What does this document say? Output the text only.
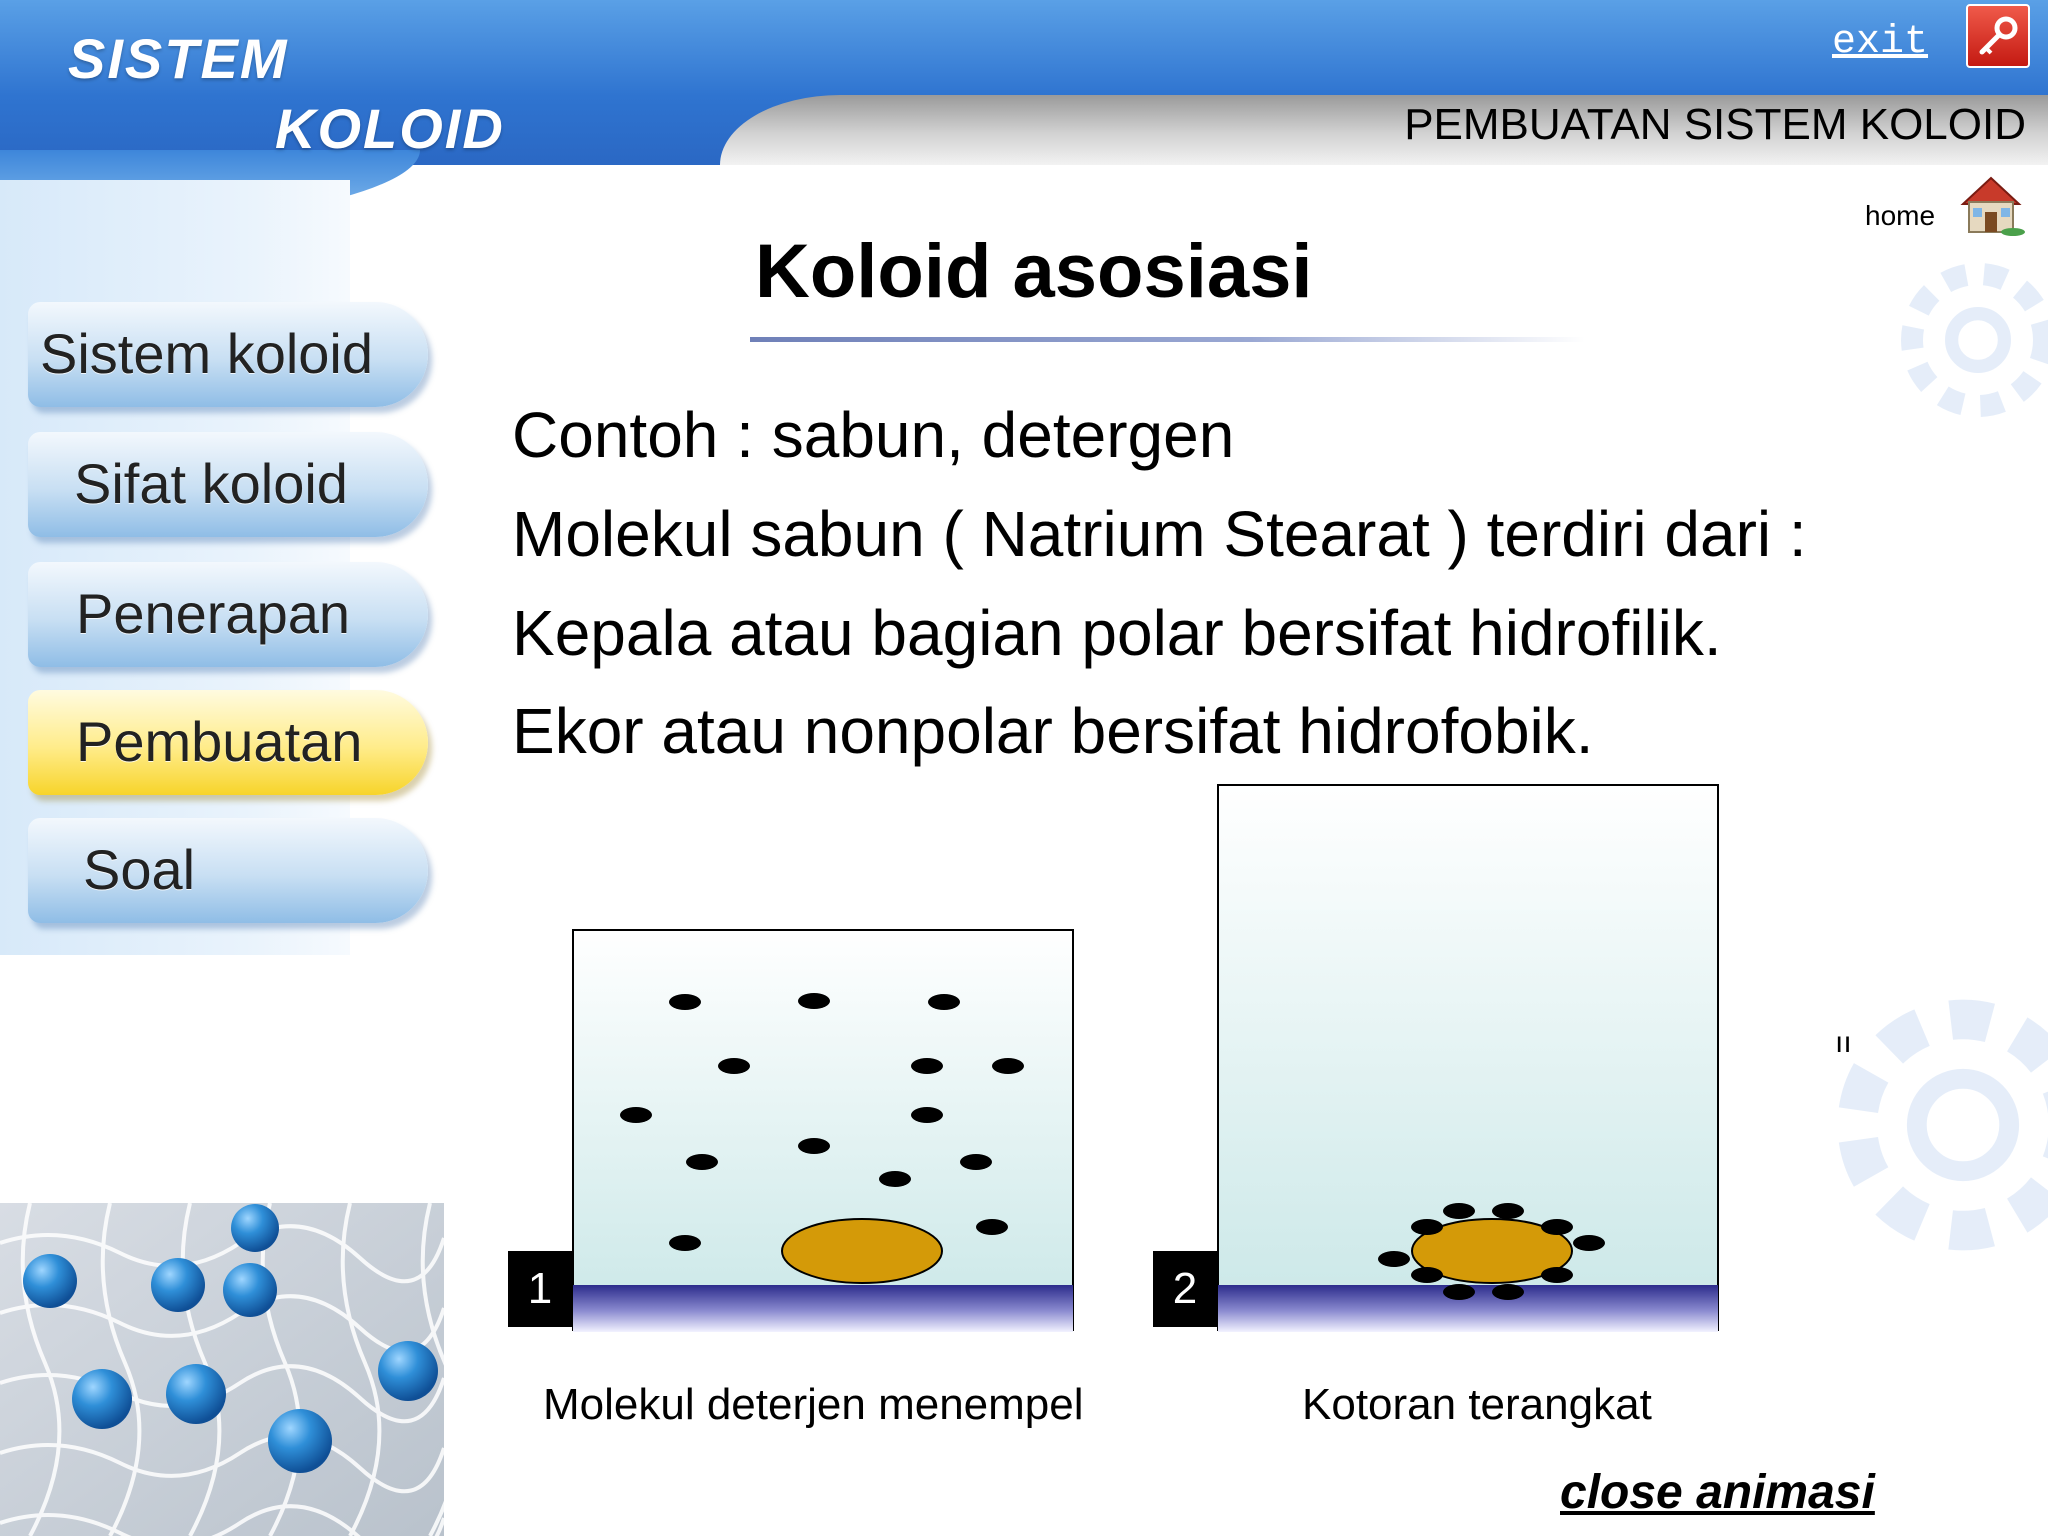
SISTEM
KOLOID
exit
PEMBUATAN SISTEM KOLOID
home
Sistem koloid
Sifat koloid
Penerapan
Pembuatan
Soal
Koloid asosiasi
Contoh : sabun, detergen
Molekul sabun ( Natrium Stearat ) terdiri dari :
Kepala atau bagian polar bersifat hidrofilik.
Ekor atau nonpolar bersifat hidrofobik.
ıı
1	2
Molekul deterjen menempel	Kotoran terangkat
close animasi
